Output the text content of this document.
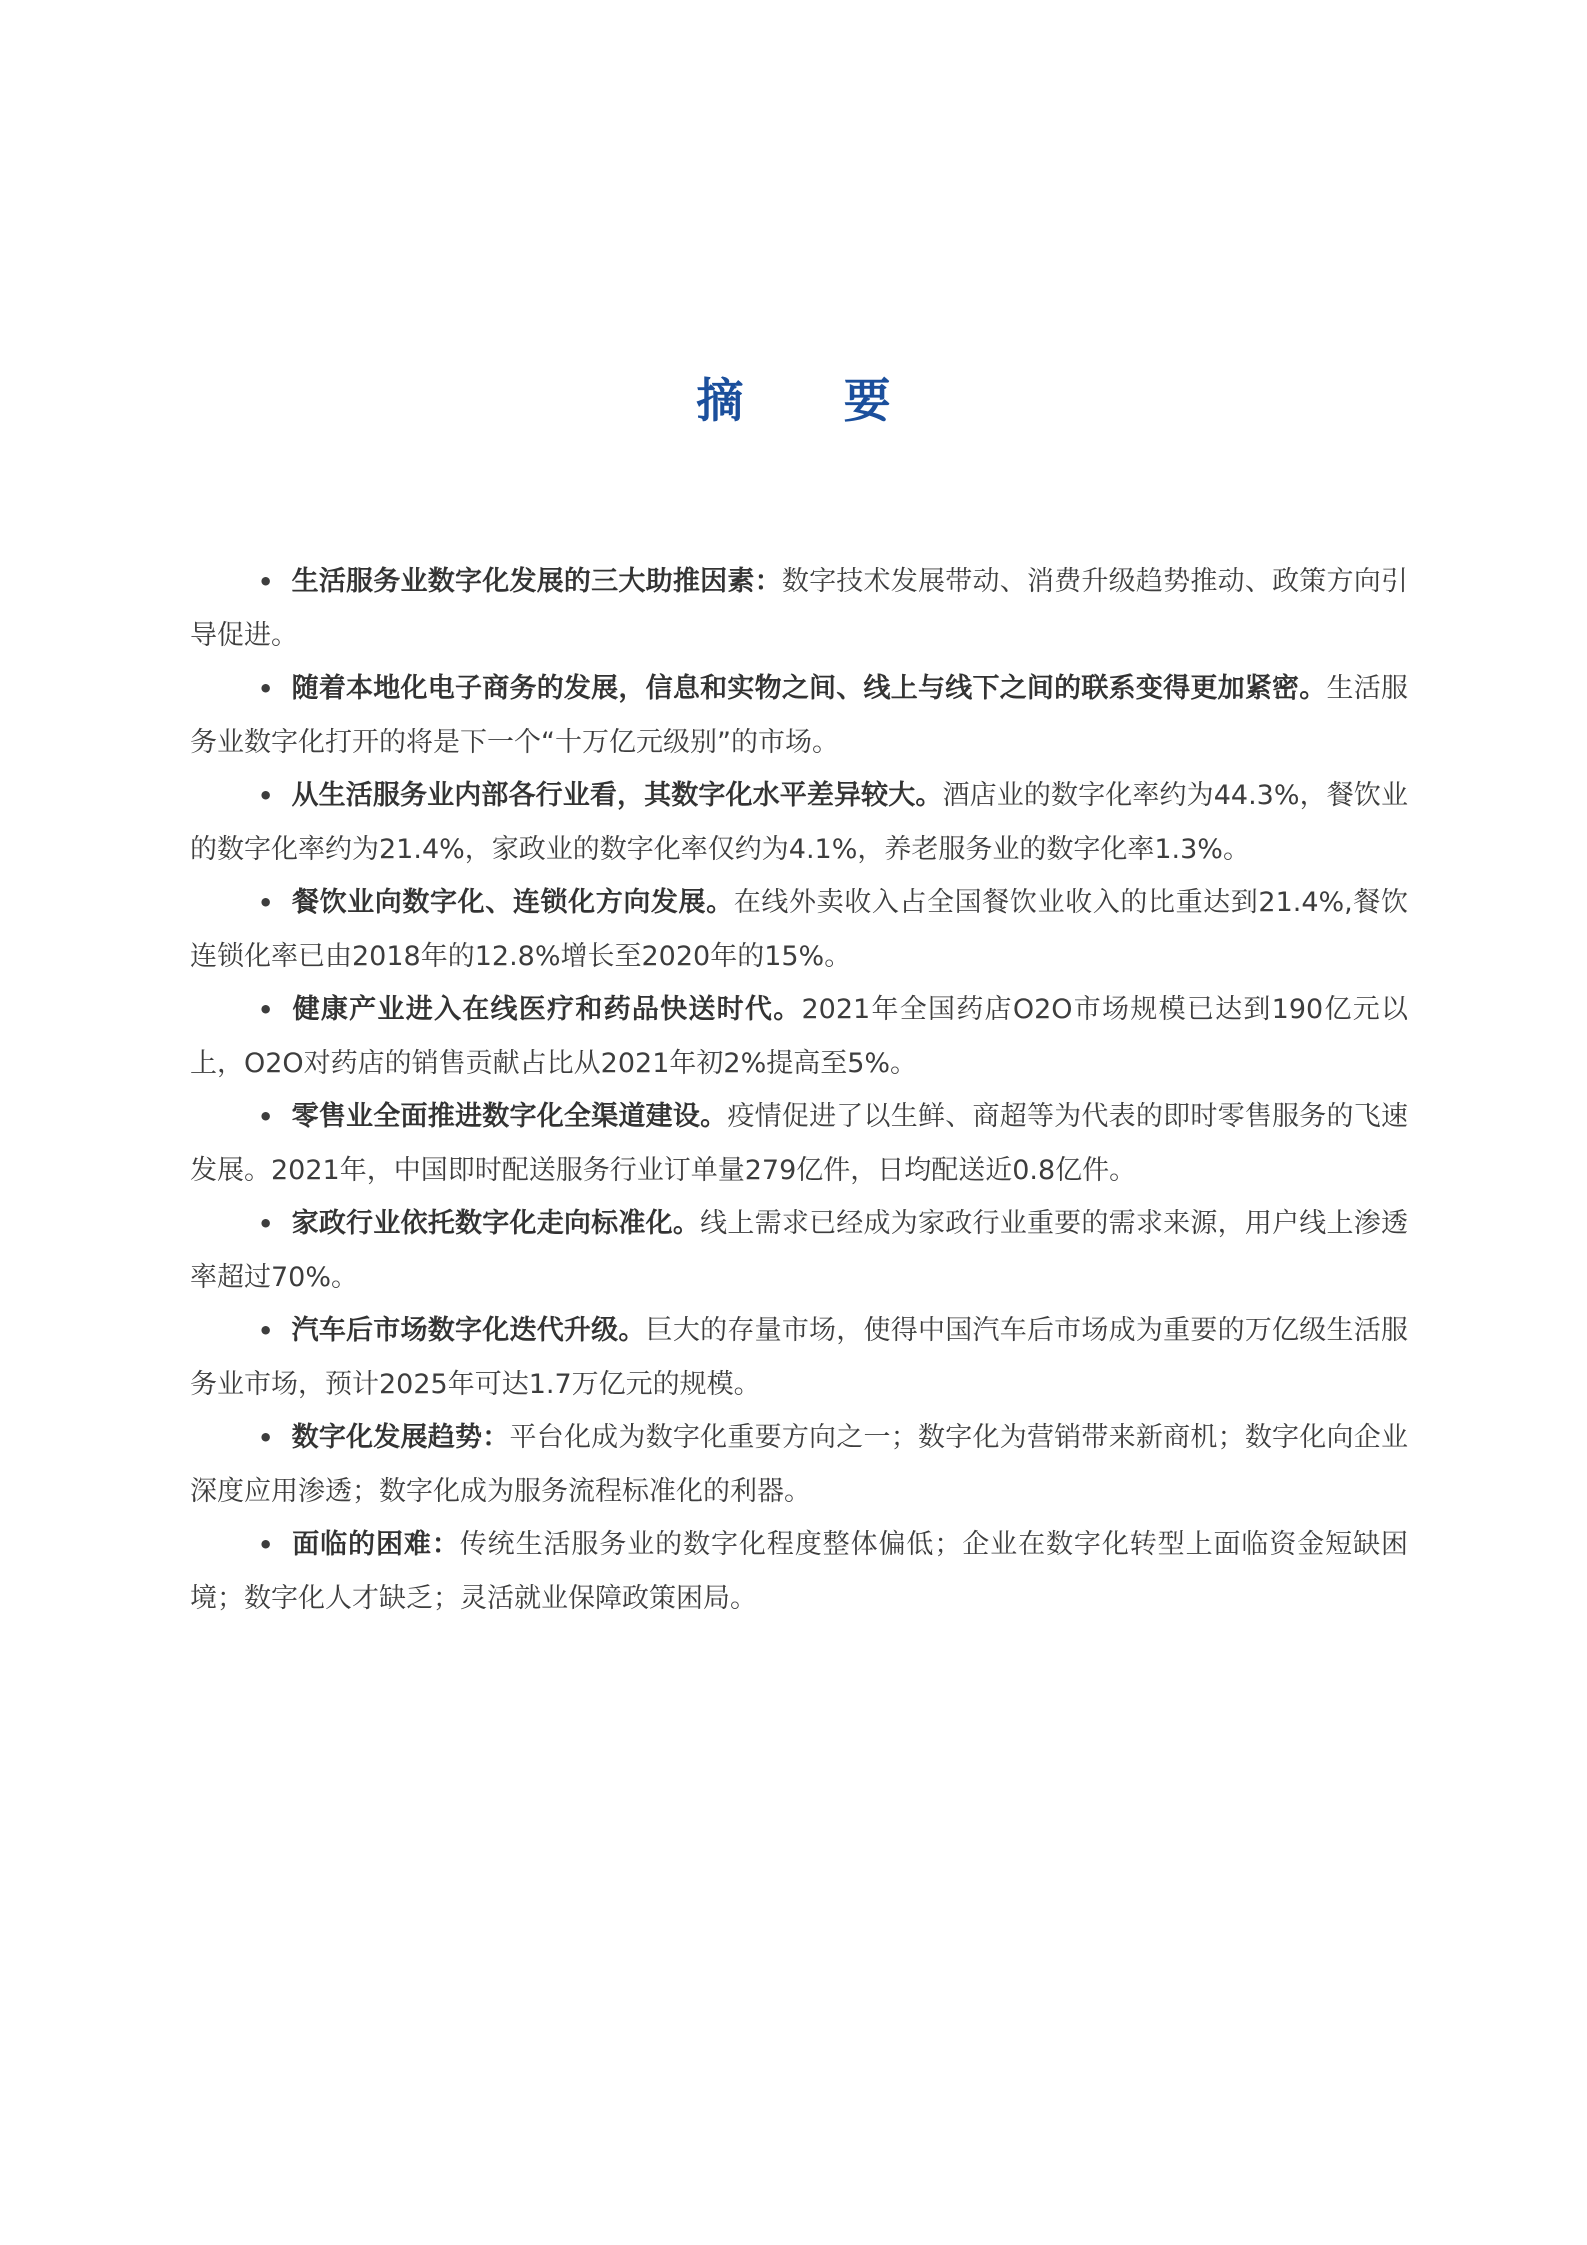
摘 要
• 生活服务业数字化发展的三大助推因素：数字技术发展带动、消费升级趋势推动、政策方向引导促进。
• 随着本地化电子商务的发展，信息和实物之间、线上与线下之间的联系变得更加紧密。生活服务业数字化打开的将是下一个“十万亿元级别”的市场。
• 从生活服务业内部各行业看，其数字化水平差异较大。酒店业的数字化率约为44.3%，餐饮业的数字化率约为21.4%，家政业的数字化率仅约为4.1%，养老服务业的数字化率1.3%。
• 餐饮业向数字化、连锁化方向发展。在线外卖收入占全国餐饮业收入的比重达到21.4%,餐饮连锁化率已由2018年的12.8%增长至2020年的15%。
• 健康产业进入在线医疗和药品快送时代。2021年全国药店O2O市场规模已达到190亿元以上，O2O对药店的销售贡献占比从2021年初2%提高至5%。
• 零售业全面推进数字化全渠道建设。疫情促进了以生鲜、商超等为代表的即时零售服务的飞速发展。2021年，中国即时配送服务行业订单量279亿件，日均配送近0.8亿件。
• 家政行业依托数字化走向标准化。线上需求已经成为家政行业重要的需求来源，用户线上渗透率超过70%。
• 汽车后市场数字化迭代升级。巨大的存量市场，使得中国汽车后市场成为重要的万亿级生活服务业市场，预计2025年可达1.7万亿元的规模。
• 数字化发展趋势：平台化成为数字化重要方向之一；数字化为营销带来新商机；数字化向企业深度应用渗透；数字化成为服务流程标准化的利器。
• 面临的困难：传统生活服务业的数字化程度整体偏低；企业在数字化转型上面临资金短缺困境；数字化人才缺乏；灵活就业保障政策困局。
